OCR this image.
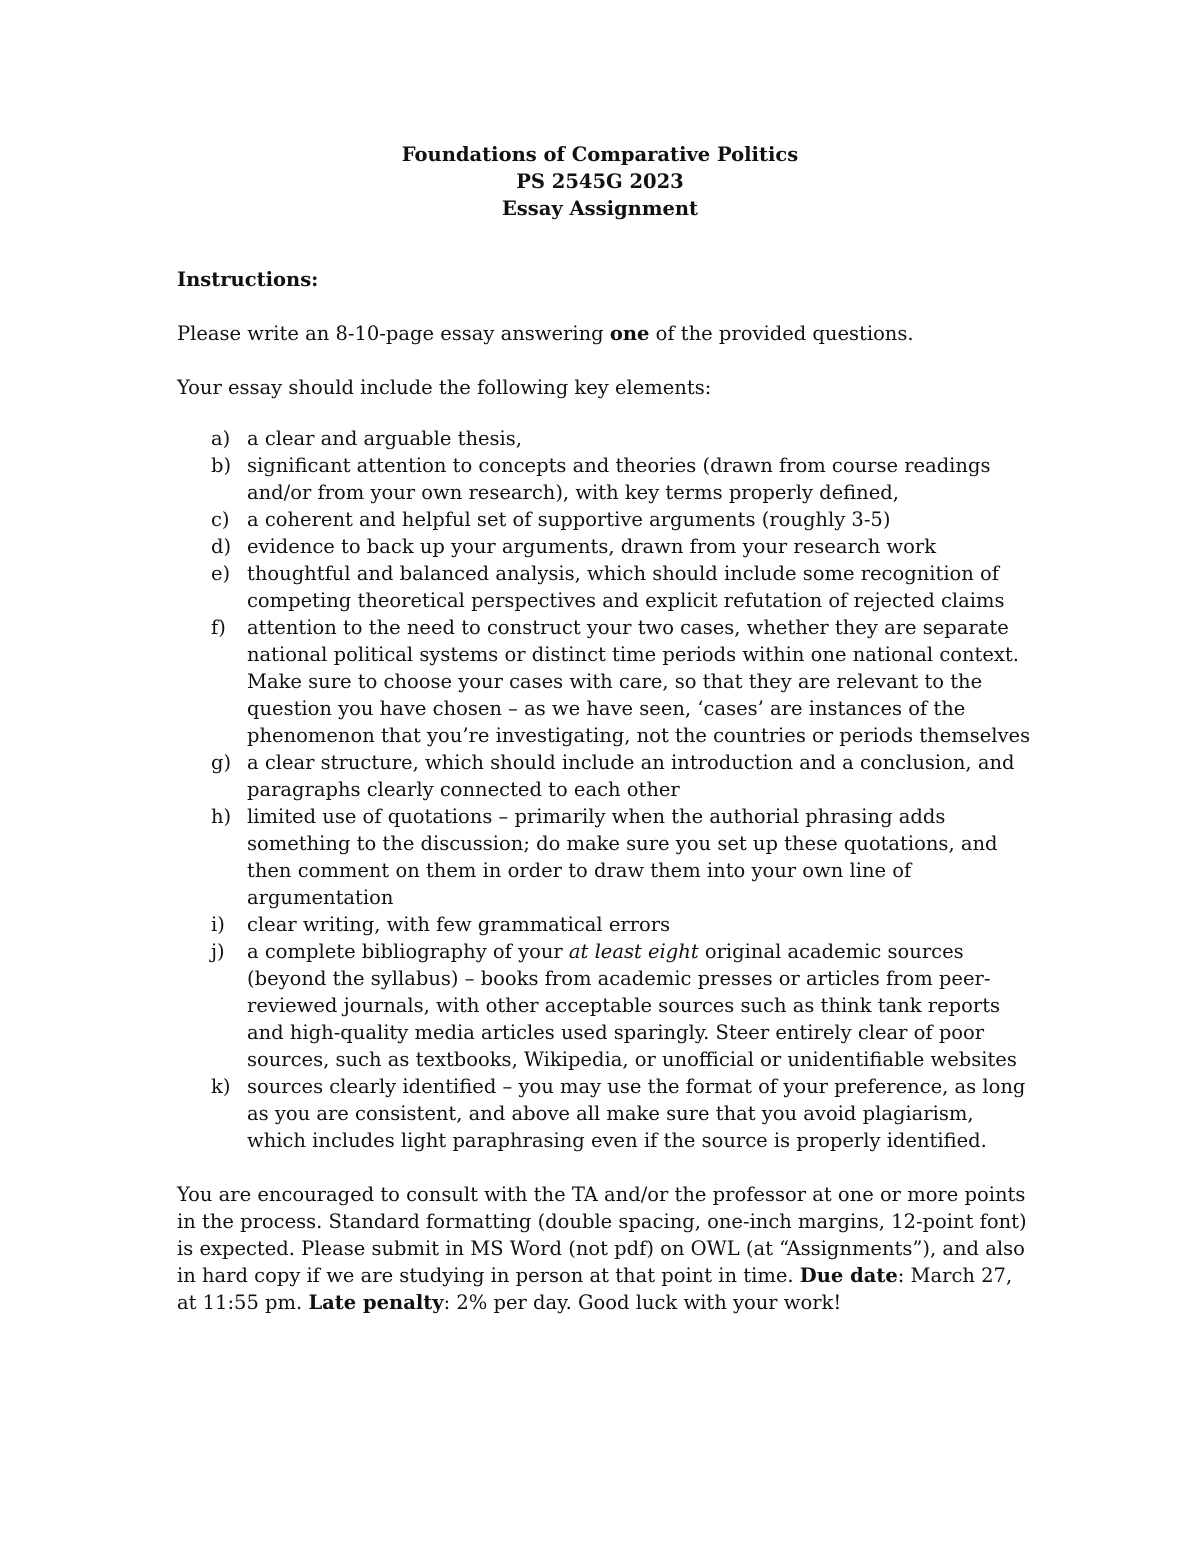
Foundations of Comparative Politics
PS 2545G 2023
Essay Assignment

Instructions:

Please write an 8-10-page essay answering one of the provided questions.

Your essay should include the following key elements:

a) a clear and arguable thesis,
b) significant attention to concepts and theories (drawn from course readings and/or from your own research), with key terms properly defined,
c) a coherent and helpful set of supportive arguments (roughly 3-5)
d) evidence to back up your arguments, drawn from your research work
e) thoughtful and balanced analysis, which should include some recognition of competing theoretical perspectives and explicit refutation of rejected claims
f) attention to the need to construct your two cases, whether they are separate national political systems or distinct time periods within one national context. Make sure to choose your cases with care, so that they are relevant to the question you have chosen – as we have seen, ‘cases’ are instances of the phenomenon that you’re investigating, not the countries or periods themselves
g) a clear structure, which should include an introduction and a conclusion, and paragraphs clearly connected to each other
h) limited use of quotations – primarily when the authorial phrasing adds something to the discussion; do make sure you set up these quotations, and then comment on them in order to draw them into your own line of argumentation
i) clear writing, with few grammatical errors
j) a complete bibliography of your at least eight original academic sources (beyond the syllabus) – books from academic presses or articles from peer-reviewed journals, with other acceptable sources such as think tank reports and high-quality media articles used sparingly. Steer entirely clear of poor sources, such as textbooks, Wikipedia, or unofficial or unidentifiable websites
k) sources clearly identified – you may use the format of your preference, as long as you are consistent, and above all make sure that you avoid plagiarism, which includes light paraphrasing even if the source is properly identified.

You are encouraged to consult with the TA and/or the professor at one or more points in the process. Standard formatting (double spacing, one-inch margins, 12-point font) is expected. Please submit in MS Word (not pdf) on OWL (at “Assignments”), and also in hard copy if we are studying in person at that point in time. Due date: March 27, at 11:55 pm. Late penalty: 2% per day. Good luck with your work!
